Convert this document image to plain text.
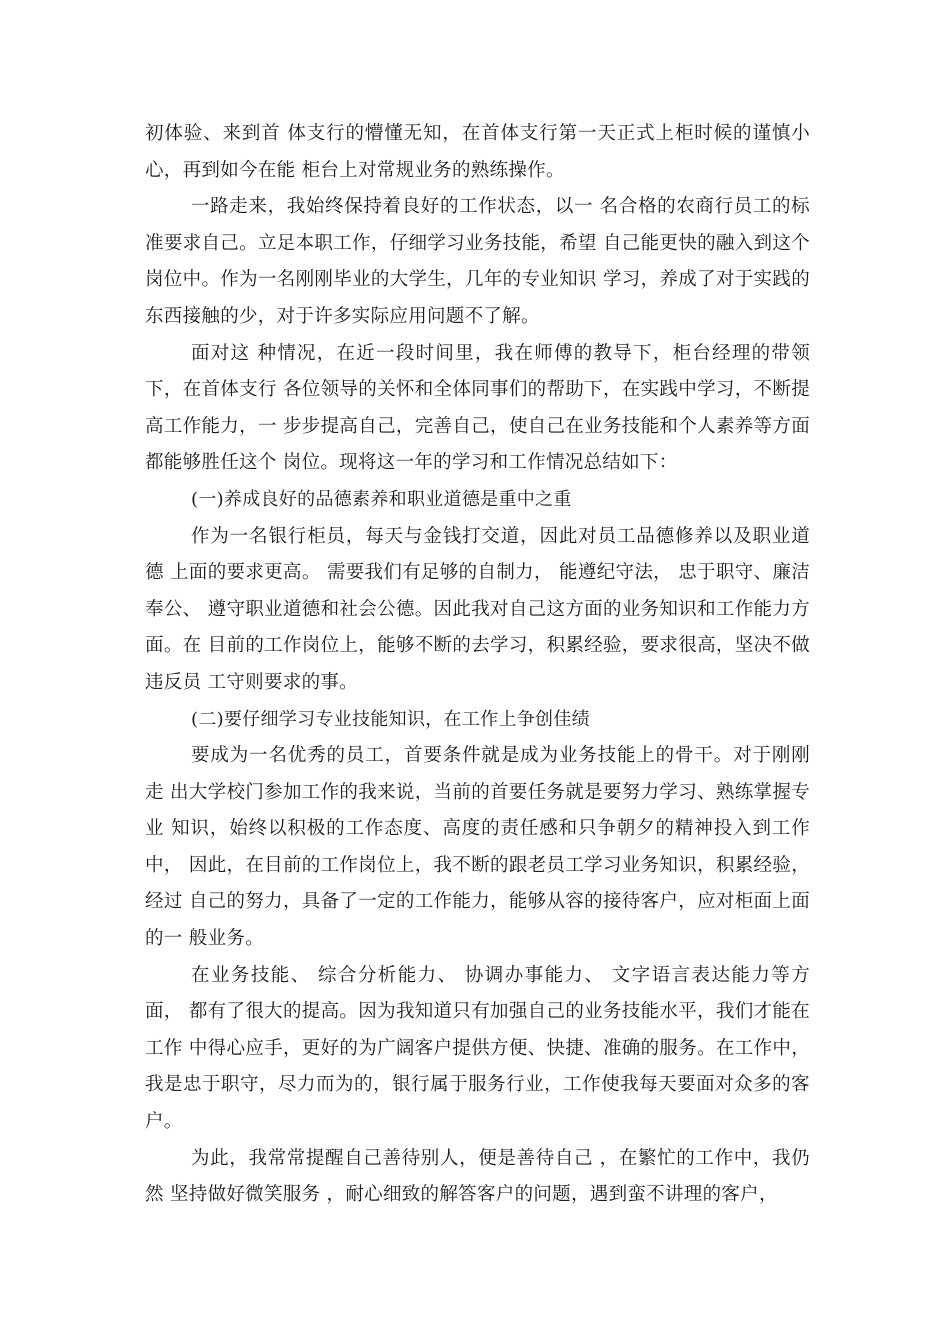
初体验、来到首 体支行的懵懂无知，在首体支行第一天正式上柜时候的谨慎小心，再到如今在能 柜台上对常规业务的熟练操作。

一路走来，我始终保持着良好的工作状态，以一 名合格的农商行员工的标准要求自己。立足本职工作，仔细学习业务技能，希望 自己能更快的融入到这个岗位中。作为一名刚刚毕业的大学生，几年的专业知识 学习，养成了对于实践的东西接触的少，对于许多实际应用问题不了解。

面对这 种情况，在近一段时间里，我在师傅的教导下，柜台经理的带领下，在首体支行 各位领导的关怀和全体同事们的帮助下，在实践中学习，不断提高工作能力，一 步步提高自己，完善自己，使自己在业务技能和个人素养等方面都能够胜任这个 岗位。现将这一年的学习和工作情况总结如下：

(一)养成良好的品德素养和职业道德是重中之重

作为一名银行柜员，每天与金钱打交道，因此对员工品德修养以及职业道德 上面的要求更高。 需要我们有足够的自制力， 能遵纪守法， 忠于职守、廉洁奉公、 遵守职业道德和社会公德。因此我对自己这方面的业务知识和工作能力方面。在 目前的工作岗位上，能够不断的去学习，积累经验，要求很高，坚决不做违反员 工守则要求的事。

(二)要仔细学习专业技能知识，在工作上争创佳绩

要成为一名优秀的员工，首要条件就是成为业务技能上的骨干。对于刚刚走 出大学校门参加工作的我来说，当前的首要任务就是要努力学习、熟练掌握专业 知识，始终以积极的工作态度、高度的责任感和只争朝夕的精神投入到工作中， 因此，在目前的工作岗位上，我不断的跟老员工学习业务知识，积累经验，经过 自己的努力，具备了一定的工作能力，能够从容的接待客户，应对柜面上面的一 般业务。

在业务技能、 综合分析能力、 协调办事能力、 文字语言表达能力等方面， 都有了很大的提高。因为我知道只有加强自己的业务技能水平，我们才能在工作 中得心应手，更好的为广阔客户提供方便、快捷、准确的服务。在工作中，我是忠于职守，尽力而为的，银行属于服务行业，工作使我每天要面对众多的客户。

为此，我常常提醒自己善待别人，便是善待自己 ，在繁忙的工作中，我仍然 坚持做好微笑服务 ，耐心细致的解答客户的问题，遇到蛮不讲理的客户，
